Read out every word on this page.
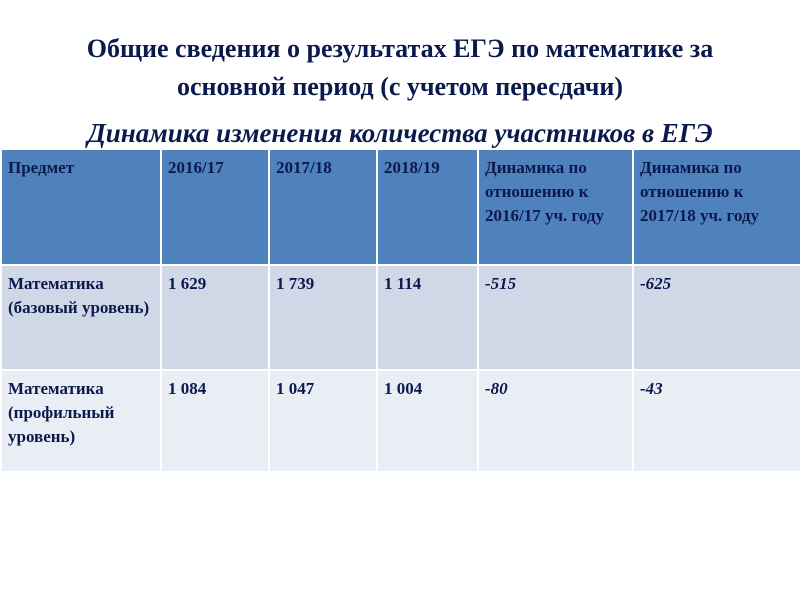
Общие сведения о результатах ЕГЭ по математике за
основной период (с учетом пересдачи)
Динамика изменения количества участников в ЕГЭ
Предмет	2016/17	2017/18	2018/19	Динамика по отношению к 2016/17 уч. году	Динамика по отношению к 2017/18 уч. году
Математика (базовый уровень)	1 629	1 739	1 114	-515	-625
Математика (профильный уровень)	1 084	1 047	1 004	-80	-43
